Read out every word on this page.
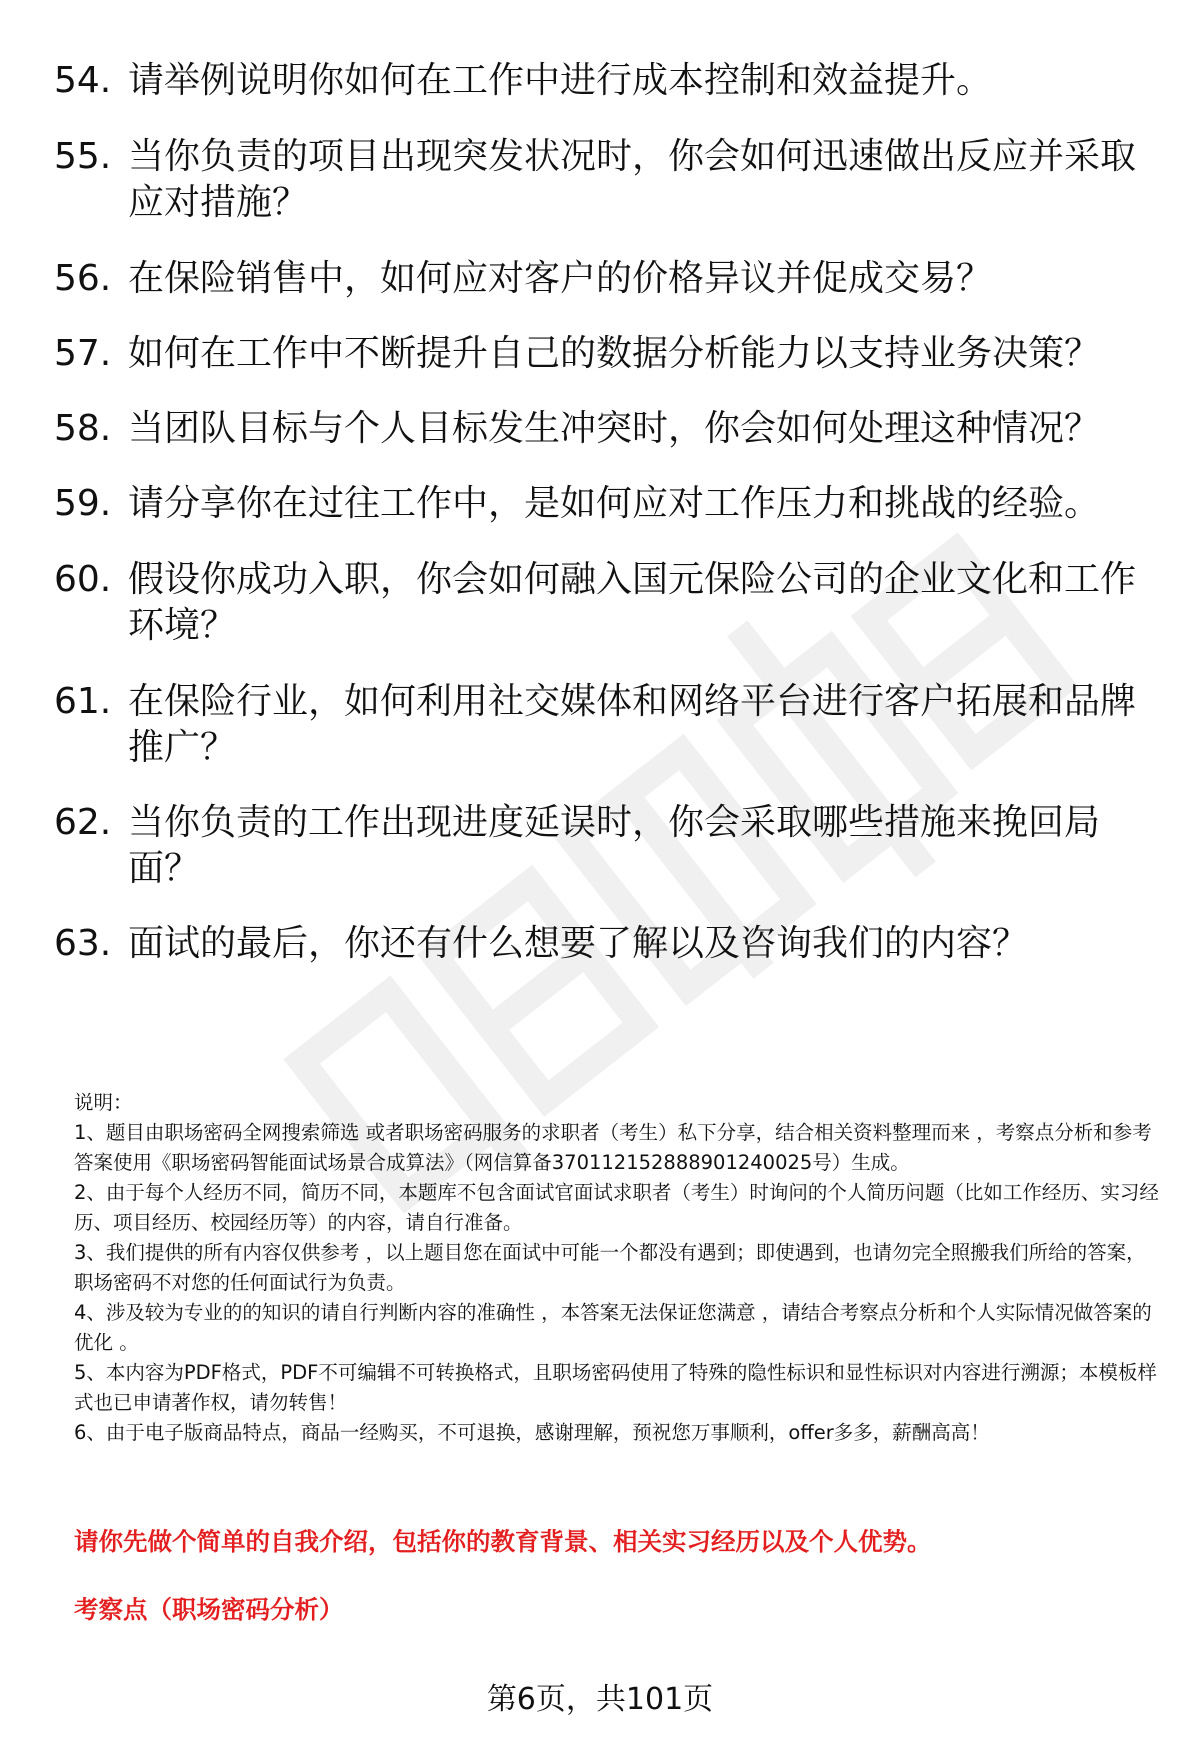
54. 请举例说明你如何在工作中进行成本控制和效益提升。
55. 当你负责的项目出现突发状况时，你会如何迅速做出反应并采取应对措施？
56. 在保险销售中，如何应对客户的价格异议并促成交易？
57. 如何在工作中不断提升自己的数据分析能力以支持业务决策？
58. 当团队目标与个人目标发生冲突时，你会如何处理这种情况？
59. 请分享你在过往工作中，是如何应对工作压力和挑战的经验。
60. 假设你成功入职，你会如何融入国元保险公司的企业文化和工作环境？
61. 在保险行业，如何利用社交媒体和网络平台进行客户拓展和品牌推广？
62. 当你负责的工作出现进度延误时，你会采取哪些措施来挽回局面？
63. 面试的最后，你还有什么想要了解以及咨询我们的内容？

说明：

1、题目由职场密码全网搜索筛选 或者职场密码服务的求职者（考生）私下分享，结合相关资料整理而来 ，考察点分析和参考答案使用《职场密码智能面试场景合成算法》（网信算备370112152888901240025号）生成。

2、由于每个人经历不同，简历不同，本题库不包含面试官面试求职者（考生）时询问的个人简历问题（比如工作经历、实习经历、项目经历、校园经历等）的内容，请自行准备。

3、我们提供的所有内容仅供参考 ，以上题目您在面试中可能一个都没有遇到；即使遇到，也请勿完全照搬我们所给的答案，职场密码不对您的任何面试行为负责。

4、涉及较为专业的的知识的请自行判断内容的准确性 ，本答案无法保证您满意 ，请结合考察点分析和个人实际情况做答案的优化 。

5、本内容为PDF格式，PDF不可编辑不可转换格式，且职场密码使用了特殊的隐性标识和显性标识对内容进行溯源；本模板样式也已申请著作权，请勿转售！

6、由于电子版商品特点，商品一经购买，不可退换，感谢理解，预祝您万事顺利，offer多多，薪酬高高！

请你先做个简单的自我介绍，包括你的教育背景、相关实习经历以及个人优势。
考察点（职场密码分析）
第6页，共101页
